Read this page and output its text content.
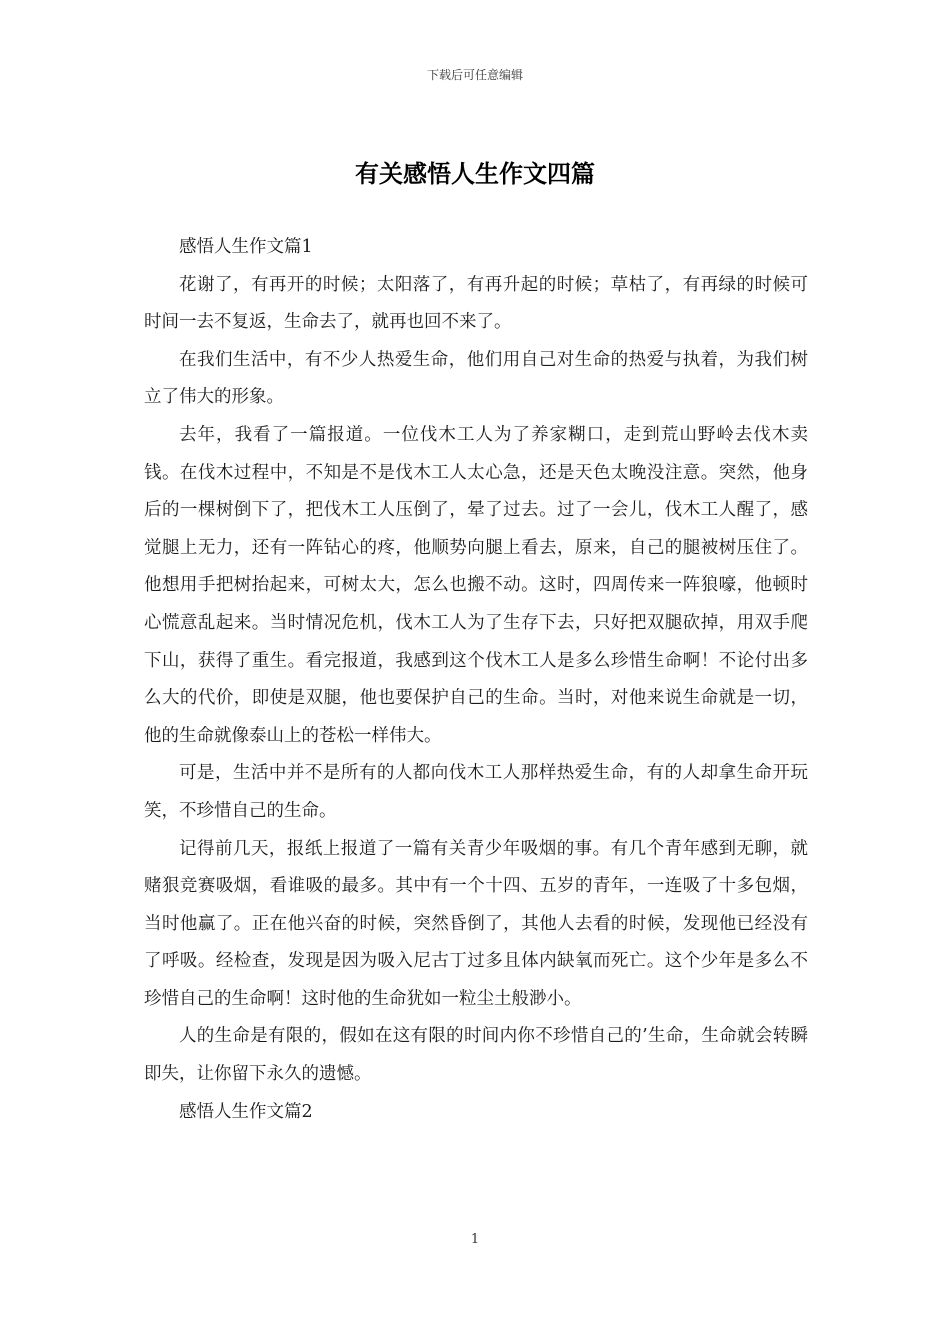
下载后可任意编辑
有关感悟人生作文四篇

感悟人生作文篇1

花谢了，有再开的时候；太阳落了，有再升起的时候；草枯了，有再绿的时候可时间一去不复返，生命去了，就再也回不来了。

在我们生活中，有不少人热爱生命，他们用自己对生命的热爱与执着，为我们树立了伟大的形象。

去年，我看了一篇报道。一位伐木工人为了养家糊口，走到荒山野岭去伐木卖钱。在伐木过程中，不知是不是伐木工人太心急，还是天色太晚没注意。突然，他身后的一棵树倒下了，把伐木工人压倒了，晕了过去。过了一会儿，伐木工人醒了，感觉腿上无力，还有一阵钻心的疼，他顺势向腿上看去，原来，自己的腿被树压住了。他想用手把树抬起来，可树太大，怎么也搬不动。这时，四周传来一阵狼嚎，他顿时心慌意乱起来。当时情况危机，伐木工人为了生存下去，只好把双腿砍掉，用双手爬下山，获得了重生。看完报道，我感到这个伐木工人是多么珍惜生命啊！不论付出多么大的代价，即使是双腿，他也要保护自己的生命。当时，对他来说生命就是一切，他的生命就像泰山上的苍松一样伟大。

可是，生活中并不是所有的人都向伐木工人那样热爱生命，有的人却拿生命开玩笑，不珍惜自己的生命。

记得前几天，报纸上报道了一篇有关青少年吸烟的事。有几个青年感到无聊，就赌狠竞赛吸烟，看谁吸的最多。其中有一个十四、五岁的青年，一连吸了十多包烟，当时他赢了。正在他兴奋的时候，突然昏倒了，其他人去看的时候，发现他已经没有了呼吸。经检查，发现是因为吸入尼古丁过多且体内缺氧而死亡。这个少年是多么不珍惜自己的生命啊！这时他的生命犹如一粒尘土般渺小。

人的生命是有限的，假如在这有限的时间内你不珍惜自己的’生命，生命就会转瞬即失，让你留下永久的遗憾。

感悟人生作文篇2

1
